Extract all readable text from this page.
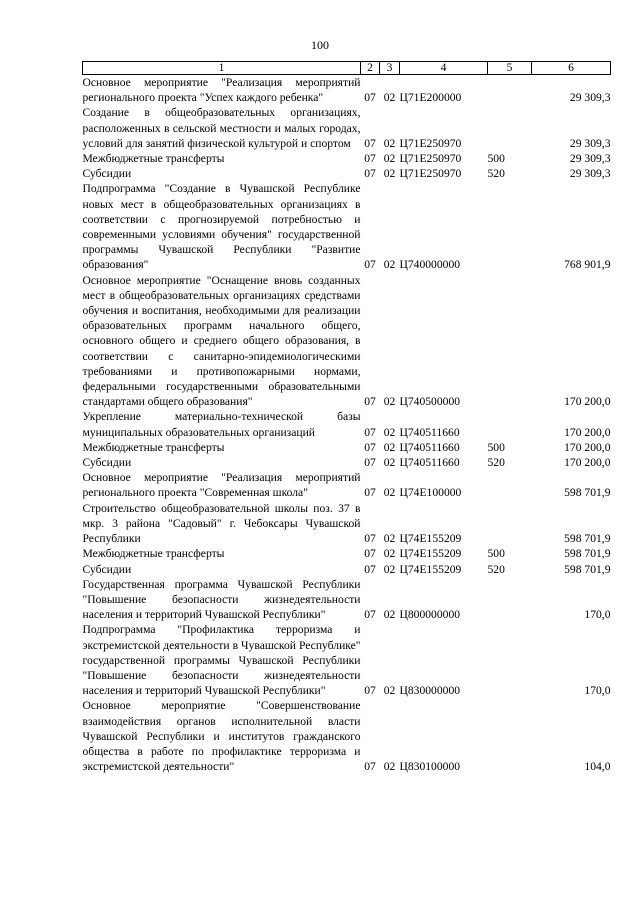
100
1	2	3	4	5	6
Основное мероприятие "Реализация мероприятий регионального проекта "Успех каждого ребенка"	07	02	Ц71Е200000		29 309,3
Создание в общеобразовательных организациях, расположенных в сельской местности и малых городах, условий для занятий физической культурой и спортом	07	02	Ц71Е250970		29 309,3
Межбюджетные трансферты	07	02	Ц71Е250970	500	29 309,3
Субсидии	07	02	Ц71Е250970	520	29 309,3
Подпрограмма "Создание в Чувашской Республике новых мест в общеобразовательных организациях в соответствии с прогнозируемой потребностью и современными условиями обучения" государственной программы Чувашской Республики "Развитие образования"	07	02	Ц740000000		768 901,9
Основное мероприятие "Оснащение вновь созданных мест в общеобразовательных организациях средствами обучения и воспитания, необходимыми для реализации образовательных программ начального общего, основного общего и среднего общего образования, в соответствии с санитарно-эпидемиологическими требованиями и противопожарными нормами, федеральными государственными образовательными стандартами общего образования"	07	02	Ц740500000		170 200,0
Укрепление материально-технической базы муниципальных образовательных организаций	07	02	Ц740511660		170 200,0
Межбюджетные трансферты	07	02	Ц740511660	500	170 200,0
Субсидии	07	02	Ц740511660	520	170 200,0
Основное мероприятие "Реализация мероприятий регионального проекта "Современная школа"	07	02	Ц74Е100000		598 701,9
Строительство общеобразовательной школы поз. 37 в мкр. 3 района "Садовый" г. Чебоксары Чувашской Республики	07	02	Ц74Е155209		598 701,9
Межбюджетные трансферты	07	02	Ц74Е155209	500	598 701,9
Субсидии	07	02	Ц74Е155209	520	598 701,9
Государственная программа Чувашской Республики "Повышение безопасности жизнедеятельности населения и территорий Чувашской Республики"	07	02	Ц800000000		170,0
Подпрограмма "Профилактика терроризма и экстремистской деятельности в Чувашской Республике" государственной программы Чувашской Республики "Повышение безопасности жизнедеятельности населения и территорий Чувашской Республики"	07	02	Ц830000000		170,0
Основное мероприятие "Совершенствование взаимодействия органов исполнительной власти Чувашской Республики и институтов гражданского общества в работе по профилактике терроризма и экстремистской деятельности"	07	02	Ц830100000		104,0
